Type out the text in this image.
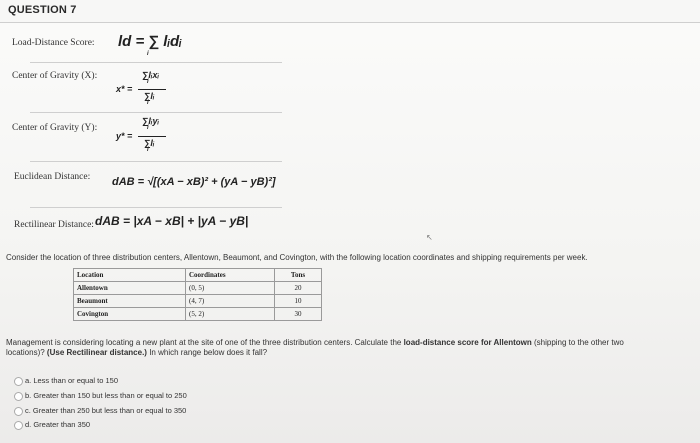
QUESTION 7
Load-Distance Score: ld = ∑ lᵢdᵢ
i
Center of Gravity (X):	∑lᵢxᵢ
i
x* =
∑lᵢ
i
Center of Gravity (Y):
∑lᵢyᵢ
i
y* =
∑lᵢ
i
Euclidean Distance: dAB = √[(xA − xB)² + (yA − yB)²]
Rectilinear Distance: dAB = |xA − xB| + |yA − yB|
↖
Consider the location of three distribution centers, Allentown, Beaumont, and Covington, with the following location coordinates and shipping requirements per week.
Location	Coordinates	Tons
Allentown	(0, 5)	20
Beaumont	(4, 7)	10
Covington	(5, 2)	30
Management is considering locating a new plant at the site of one of the three distribution centers. Calculate the load-distance score for Allentown (shipping to the other two
locations)? (Use Rectilinear distance.) In which range below does it fall?
a. Less than or equal to 150
b. Greater than 150 but less than or equal to 250
c. Greater than 250 but less than or equal to 350
d. Greater than 350
